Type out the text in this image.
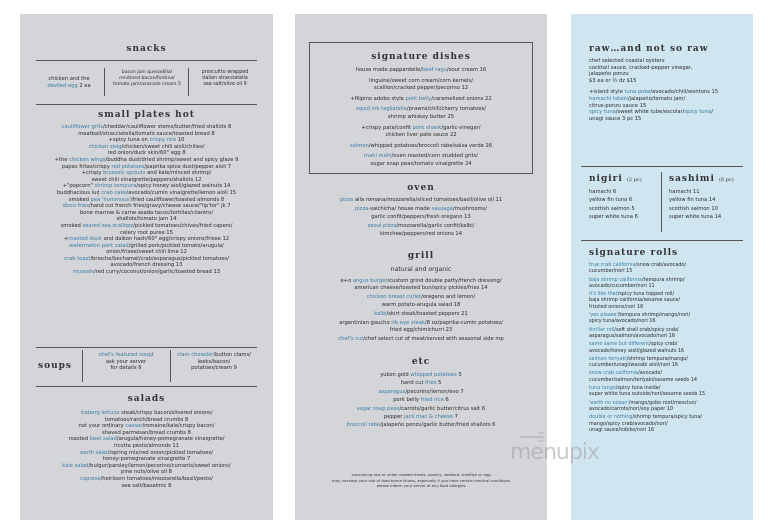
snacks
chicken and the
deviled egg 2 ea
bacon jam quesadilla/
rendered bacon/fontina/
tomato jam/avocado cream 5
proscuitto wrapped
italian stracciatella
sea salt/olive oil 9
small plates hot

cauliflower grits/cheddar/cauliflower stems/butter/fried shallots 8

meatball/stracciatella/tomato sauce/toasted bread 8

+spicy tuna on crispy rice 10

chicken sisig/chicken/sweet chili aioli/chilies/

red onion/duck skin/60° egg 8

+the chicken wings/buddha dust/dried shrimp/sweet and spicy glaze 9

papas fritas/crispy red potatoes/paprika spice dust/pepper aioli 7

+crispy brussels sprouts and kale/minced shrimp/

sweet chili vinaigrette/peppers/shallots 12

+"popcorn" shrimp tempura/spicy honey aioli/glazed walnuts 14

buddhacious lu¢ crab cake/avocado/cumin vinaigrette/lemon aioli 15

smoked pea 'hummous'/fried cauliflower/toasted almonds 8

disco fries/hand cut french fries/gravy/cheese sauce/"lip'tor" jk 7

bone marrow & carne asada tacos/tortillas/cilantro/

shallots/tomato jam 14

smoked seared sea scallops/pickled tomatoes/chives/fried capers/

celery root puree 15

+roasted duck and daikon hash/60° egg/crispy onions/frisee 12

watermelon pork salad/grilled pork/pickled tomato/arugula/

onion/frisee/sweet chili lime 12

crab toast/brioche/bechamel/crab/asparagus/pickled tomatoes/

avocado/french dressing 13

mussels/red curry/coconut/onion/garlic/toasted bread 13

soups
chef's featured soup/
ask your server
for details 6
clam chowder/button clams/
leeks/bacon/
potatoes/cream 9
salads

iceberg lettuce steak/crispy bacon/slivered onions/

tomatoes/ranch/bread crumbs 8

not your ordinary caesar/romaine/kale/crispy bacon/

shaved parmesan/bread crumbs 8

roasted beet salad/arugula/honey-pomegranate vinaigrette/

ricotta pesto/almonds 11

earth salad/spring mix/red onion/pickled tomatoes/

honey-pomegranate vinaigrette 7

kale salad/bulgur/parsley/lemon/pecorino/currants/sweet onions/

pine nuts/olive oil 8

caprese/heirloom tomatoes/mozzarella/basil/pesto/

sea salt/basalmic 8

signature dishes

house made pappardelle/beef ragu/sour cream 16

linguine/sweet corn cream/corn kernels/

scallion/cracked pepper/pecorino 12

+filipino adobo style pork belly/caramelized onions 22

squid ink tagliatelle/prawns/chili/cherry tomatoes/

shrimp whiskey butter 25

+crispy pata/confit pork shank/garlic-vinegar/

chicken liver pate sauce 22

salmon/whipped potatoes/broccoli rabe/salsa verde 26

mahi mahi/oven roasted/corn studded grits/

sugar snap peas/tomato vinaigrette 24

oven

pizza alla romana/mozzarella/sliced tomatoes/basil/olive oil 11

pizza-saichicha/ house made sausage/mushrooms/

garlic confit/peppers/fresh oregano 13

seoul pizza/mozzarella/garlic confit/kalbi/

kimchee/peppers/red onions 14

grill
natural and organic

e+o angus burger/custom grind double patty/french dressing/

american cheese/toasted bun/spicy pickles/fries 14

chicken breast cutlet/oregano and lemon/

warm potato-arugula salad 18

kalbi/skirt steak/toasted peppers 21

argentinian gaucho rib eye steak/8 oz/paprika-cumin potatoes/

fried egg/chimichurri 23

chef's cut/chef select cut of meat/served with seasonal side mp

etc

yukon gold whipped potatoes 5

hand cut fries 5

asparagus/pecorino/lemon/evo 7

pork belly fried rice 6

sugar snap peas/carrots/garlic butter/citrus salt 6

pepper jack mac & cheese 7

broccoli rabe/jalapeño ponzu/garlic butter/fried shallots 6

consuming raw or under cooked meats, poultry, seafood, shellfish or egg
may increase your risk of food borne illness, especially if you have certain medical conditions
please inform your server of any food allergies
raw…and not so raw

chef selected coastal oysters

cocktail sauce, cracked-pepper vinegar,

jalapeño ponzu

$3 ea or ½ dz $15

+island style tuna poke/avocado/chili/wontons 15

hamachi tataki/jalapeño/tomato jam/

citrus-ponzu sauce 15

spicy tuna/sweet white tube/escolar/spicy tuna/

unagi sauce 3 pc 15

nigiri (2 pc)

hamachi 6

yellow fin tuna 6

scottish salmon 5

super white tuna 6

sashimi (6 pc)

hamachi 11

yellow fin tuna 14

scottish salmon 10

super white tuna 14

signature rolls

true crab california/snow crab/avocado/

cucumber/nori 15

baja shrimp california/tempura shrimp/

avocado/cucumber/nori 11

it's like that/spicy tuna topped roll/

baja shrimp california/sesame sauce/

frizzled onions/nori 16

'yes please'/tempura shrimp/mango/nori/

spicy tuna/avocado/nori 16

thriller roll/soft shell crab/spicy crab/

asparagus/salmon/avocado/nori 16

same same but different/spicy crab/

avocado/honey aioli/glazed walnuts 16

salmon teriyaki/shrimp tempura/mango/

cucumber/unagi/wasabi aioli/nori 16

snow crab california/avocado/

cucumber/salmon/teriyaki/sesame seeds 14

tuna tango/spicy tuna inside/

super white tuna outside/nori/sesame seeds 15

'earth no ocean'/mango/gobo root/mesclun/

avocado/carrots/nori/soy paper 10

double or nothing/shrimp tempura/spicy tuna/

mango/spicy crab/avocado/nori/

unagi sauce/tobiko/nori 16

menupix
